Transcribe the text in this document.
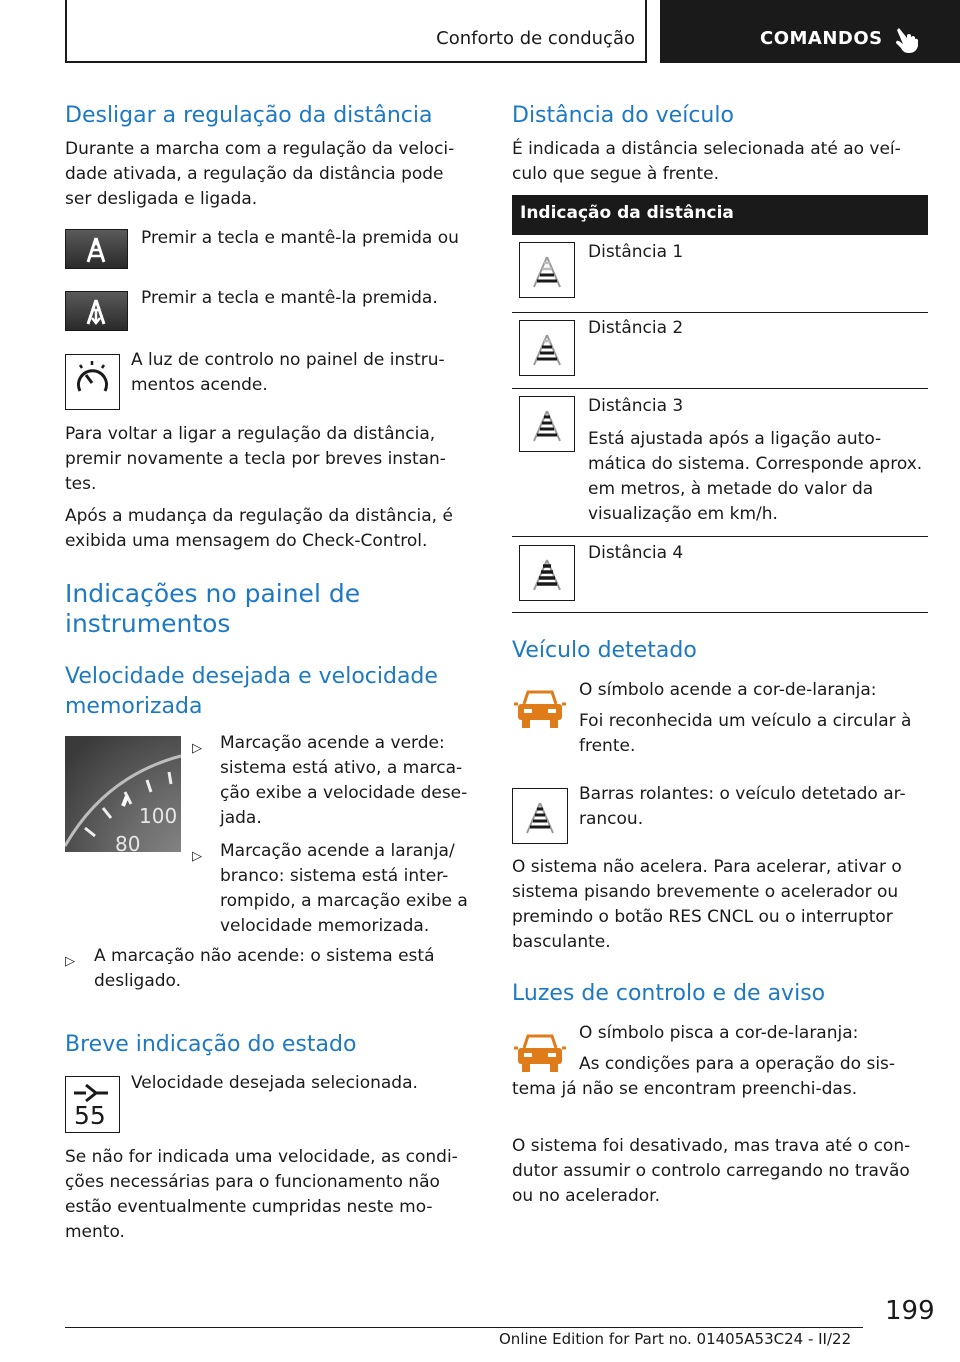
Conforto de condução	COMANDOS
Desligar a regulação da distância

Durante a marcha com a regulação da veloci-dade ativada, a regulação da distância pode ser desligada e ligada.

Premir a tecla e mantê-la premida ou

Premir a tecla e mantê-la premida.

A luz de controlo no painel de instru-mentos acende.

Para voltar a ligar a regulação da distância, premir novamente a tecla por breves instan-tes.

Após a mudança da regulação da distância, é exibida uma mensagem do Check-Control.

Indicações no painel de instrumentos
Velocidade desejada e velocidade memorizada
100
80
▷ Marcação acende a verde: sistema está ativo, a marca-ção exibe a velocidade dese-jada.

▷ Marcação acende a laranja/ branco: sistema está inter-rompido, a marcação exibe a velocidade memorizada.

▷ A marcação não acende: o sistema está desligado.

Breve indicação do estado
55

Velocidade desejada selecionada.

Se não for indicada uma velocidade, as condi-ções necessárias para o funcionamento não estão eventualmente cumpridas neste mo-mento.

Distância do veículo

É indicada a distância selecionada até ao veí-culo que segue à frente.

Indicação da distância

Distância 1

Distância 2

Distância 3

Está ajustada após a ligação auto-mática do sistema. Corresponde aprox. em metros, à metade do valor da visualização em km/h.

Distância 4

Veículo detetado

O símbolo acende a cor-de-laranja:

Foi reconhecida um veículo a circular à frente.

Barras rolantes: o veículo detetado ar-rancou.

O sistema não acelera. Para acelerar, ativar o sistema pisando brevemente o acelerador ou premindo o botão RES CNCL ou o interruptor basculante.

Luzes de controlo e de aviso

O símbolo pisca a cor-de-laranja:

As condições para a operação do sis-tema já não se encontram preenchi-das.

O sistema foi desativado, mas trava até o con-dutor assumir o controlo carregando no travão ou no acelerador.

199
Online Edition for Part no. 01405A53C24 - II/22
